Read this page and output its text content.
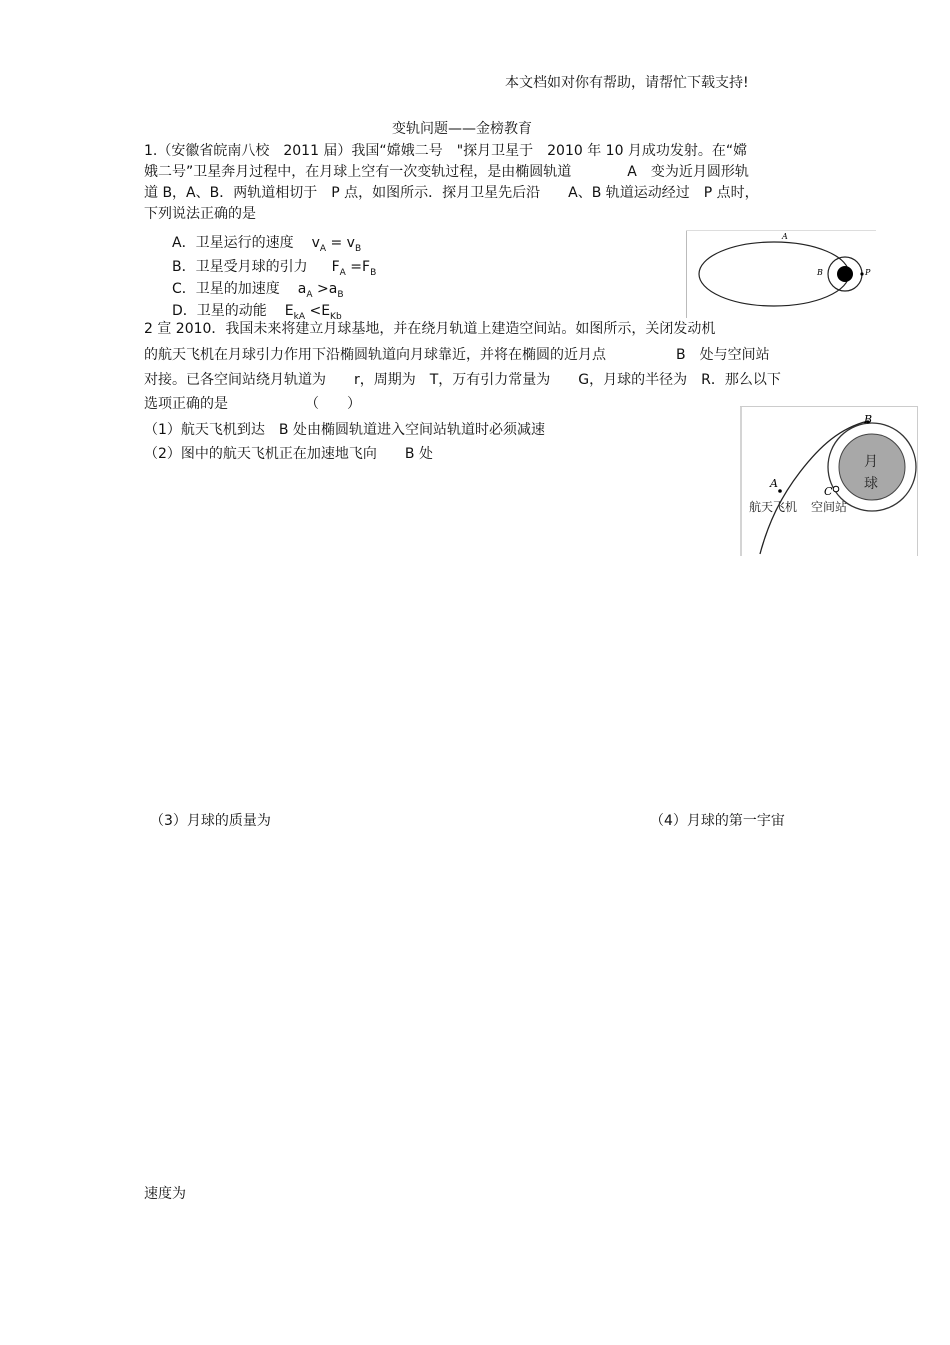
本文档如对你有帮助，请帮忙下载支持!
变轨问题——金榜教育
1.（安徽省皖南八校　2011 届）我国“嫦娥二号　"探月卫星于　2010 年 10 月成功发射。在“嫦
娥二号”卫星奔月过程中，在月球上空有一次变轨过程，是由椭圆轨道　　　　A　变为近月圆形轨
道 B，A、B．两轨道相切于　P 点，如图所示．探月卫星先后沿　　A、B 轨道运动经过　P 点时，
下列说法正确的是
A．卫星运行的速度 $v_A = v_B$
B．卫星受月球的引力 $F_A =F_B$
C．卫星的加速度 $a_A >a_B$
D．卫星的动能 $E_{kA} <E_{Kb}$
A
B	P
2 宣 2010．我国未来将建立月球基地，并在绕月轨道上建造空间站。如图所示，关闭发动机
的航天飞机在月球引力作用下沿椭圆轨道向月球靠近，并将在椭圆的近月点　　　　　B　处与空间站
对接。已各空间站绕月轨道为　　r，周期为　T，万有引力常量为　　G，月球的半径为　R．那么以下
选项正确的是　　　　　　（　　）
（1）航天飞机到达　B 处由椭圆轨道进入空间站轨道时必须减速
（2）图中的航天飞机正在加速地飞向　　B 处	月
球
B
A
C
航天飞机 空间站
（3）月球的质量为	（4）月球的第一宇宙
速度为
